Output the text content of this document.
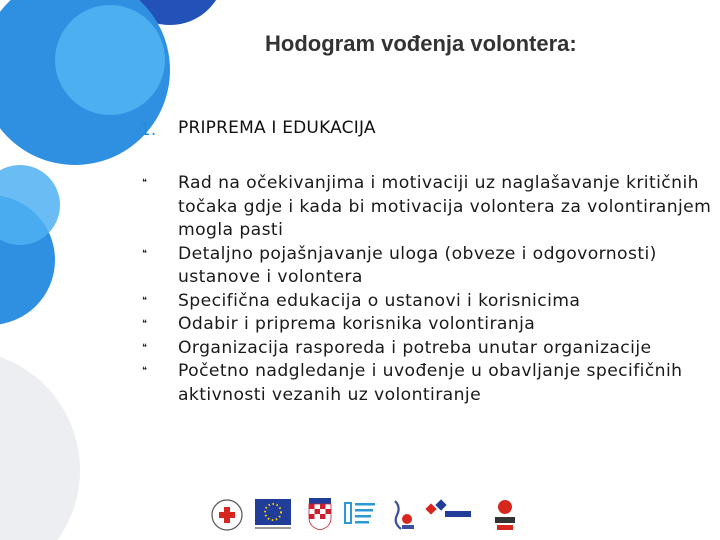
Hodogram vođenja volontera:
1.	PRIPREMA I EDUKACIJA
❝	Rad na očekivanjima i motivaciji uz naglašavanje kritičnih točaka gdje i kada bi motivacija volontera za volontiranjem mogla pasti
❝	Detaljno pojašnjavanje uloga (obveze i odgovornosti) ustanove i volontera
❝	Specifična edukacija o ustanovi i korisnicima
❝	Odabir i priprema korisnika volontiranja
❝	Organizacija rasporeda i potreba unutar organizacije
❝	Početno nadgledanje i uvođenje u obavljanje specifičnih aktivnosti vezanih uz volontiranje
